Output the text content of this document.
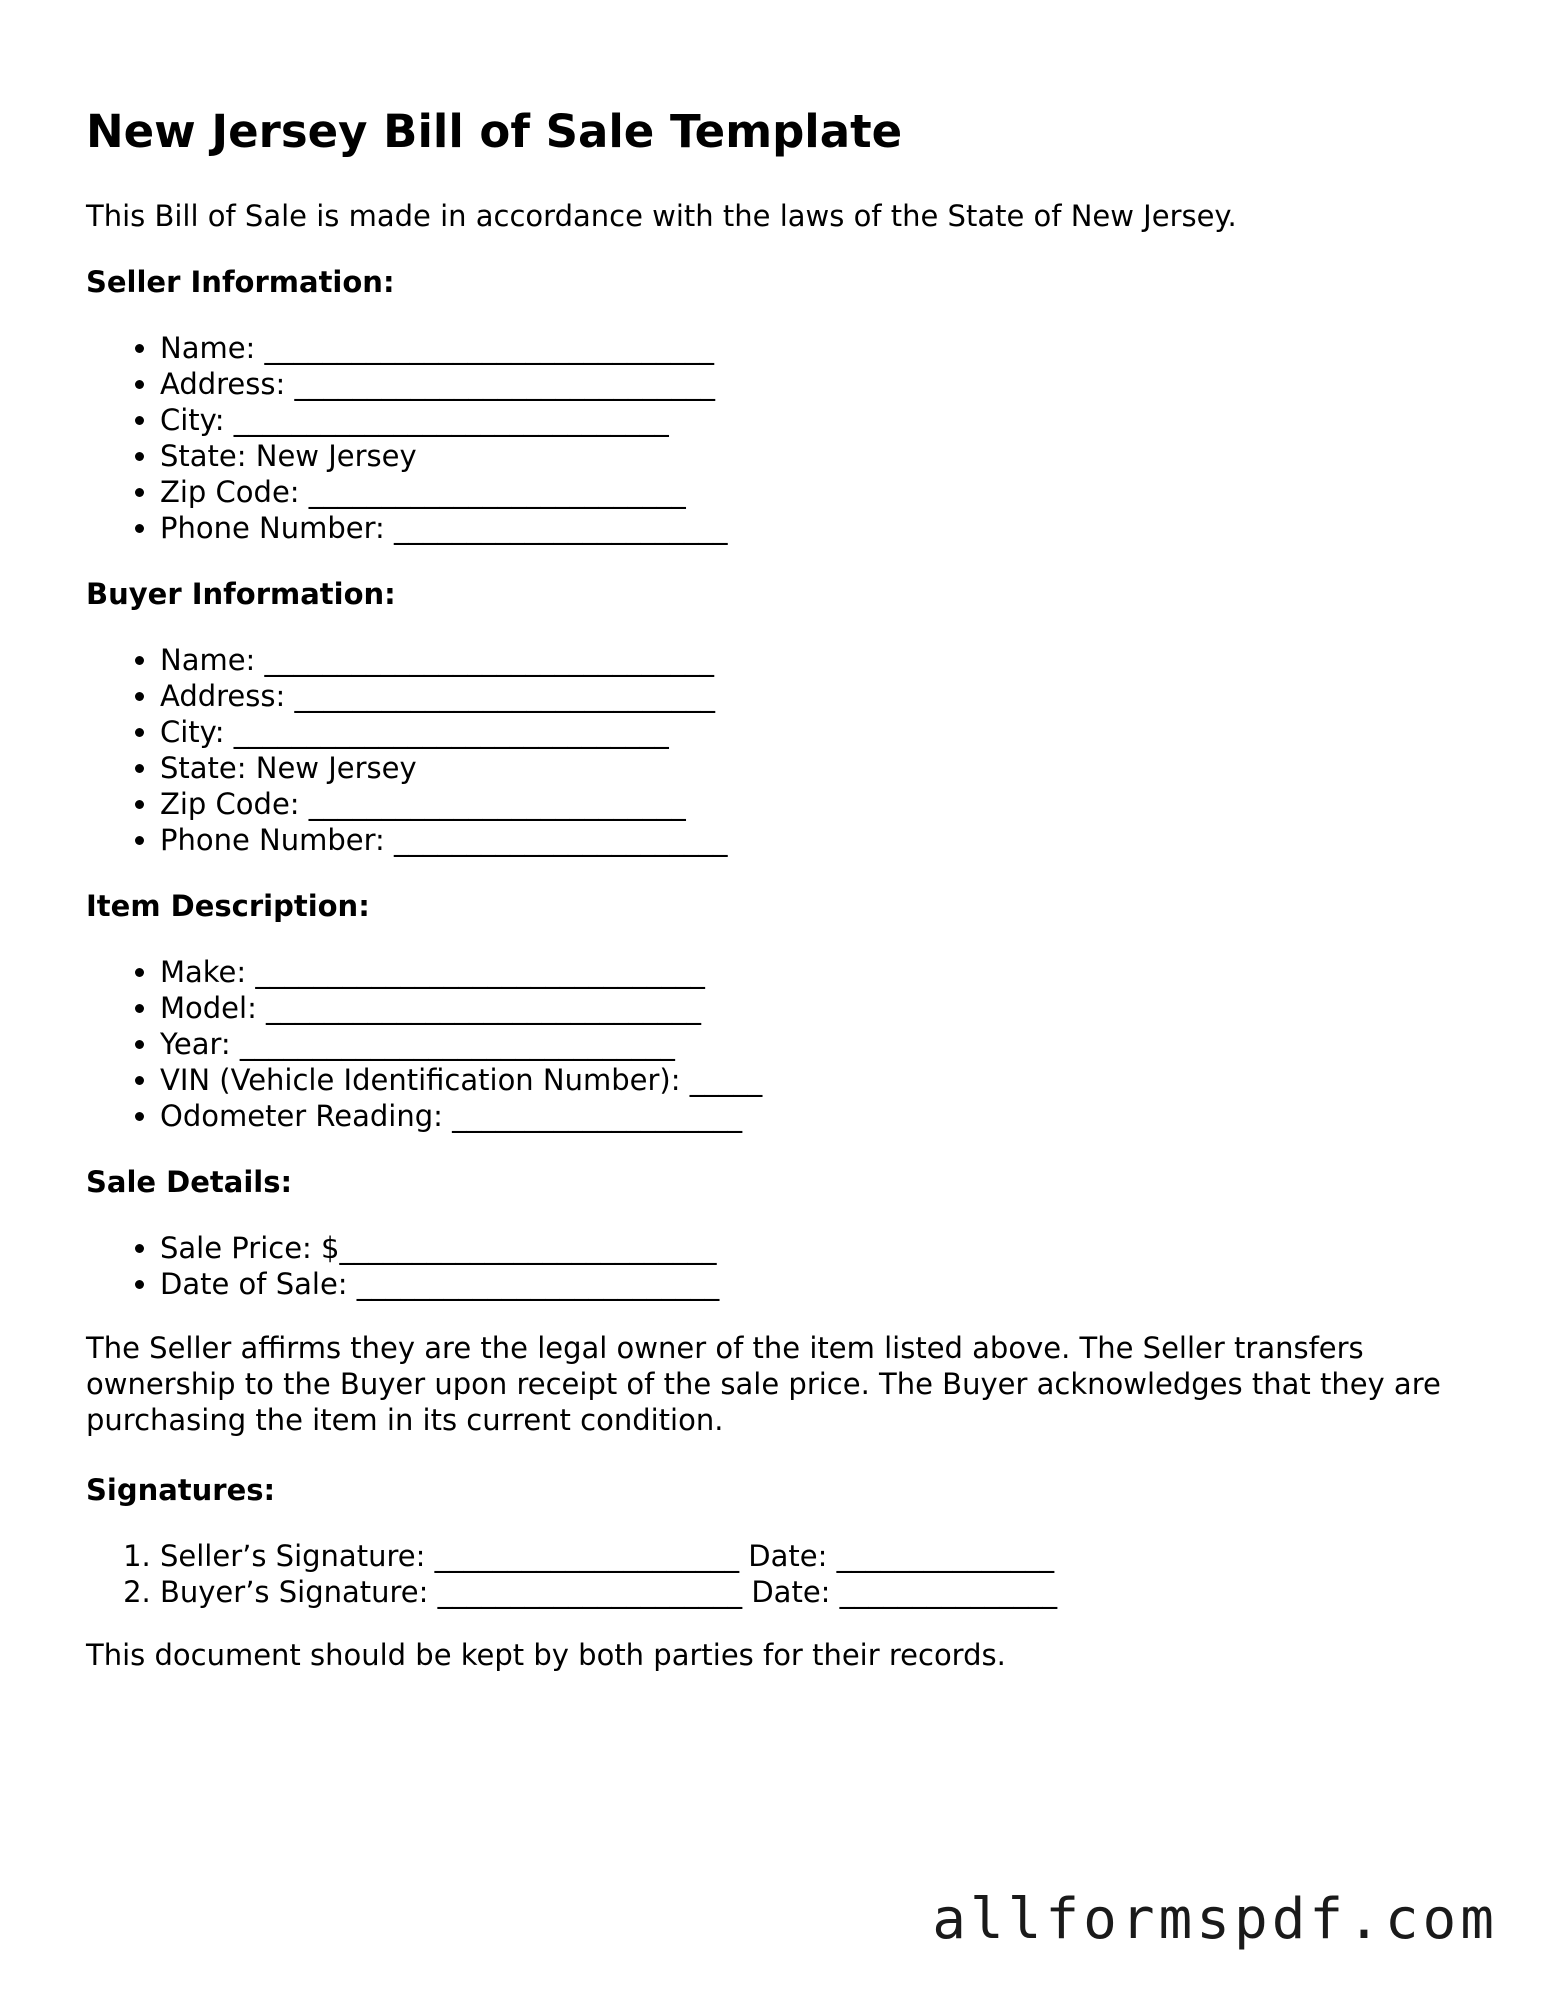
New Jersey Bill of Sale Template

This Bill of Sale is made in accordance with the laws of the State of New Jersey.

Seller Information:

• Name: _______________________________
• Address: _____________________________
• City: ______________________________
• State: New Jersey
• Zip Code: __________________________
• Phone Number: _______________________

Buyer Information:

• Name: _______________________________
• Address: _____________________________
• City: ______________________________
• State: New Jersey
• Zip Code: __________________________
• Phone Number: _______________________

Item Description:

• Make: _______________________________
• Model: ______________________________
• Year: ______________________________
• VIN (Vehicle Identification Number): _____
• Odometer Reading: ____________________

Sale Details:

• Sale Price: $__________________________
• Date of Sale: _________________________

The Seller affirms they are the legal owner of the item listed above. The Seller transfers ownership to the Buyer upon receipt of the sale price. The Buyer acknowledges that they are purchasing the item in its current condition.

Signatures:

1. Seller’s Signature: _____________________ Date: _______________
2. Buyer’s Signature: _____________________ Date: _______________

This document should be kept by both parties for their records.

allformspdf.com
